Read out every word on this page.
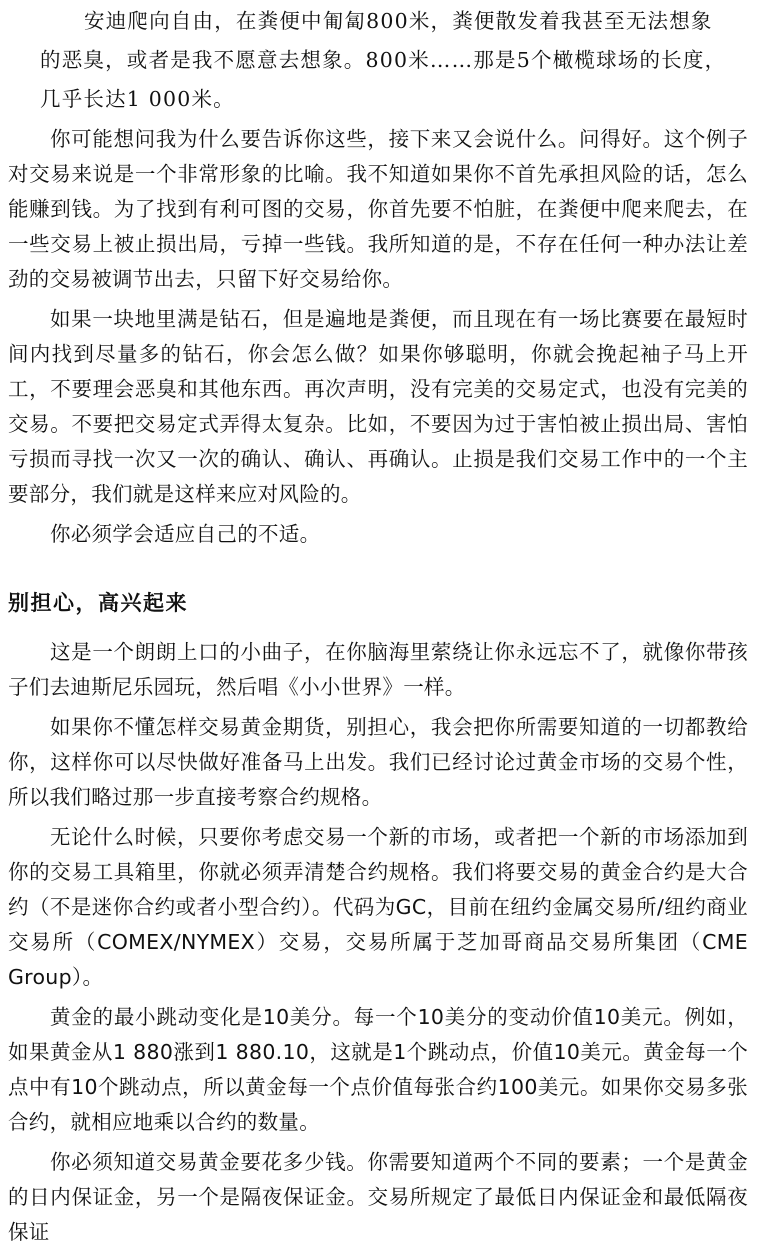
安迪爬向自由，在粪便中匍匐800米，粪便散发着我甚至无法想象
的恶臭，或者是我不愿意去想象。800米……那是5个橄榄球场的长度，
几乎长达1 000米。

你可能想问我为什么要告诉你这些，接下来又会说什么。问得好。这个例子对交易来说是一个非常形象的比喻。我不知道如果你不首先承担风险的话，怎么能赚到钱。为了找到有利可图的交易，你首先要不怕脏，在粪便中爬来爬去，在一些交易上被止损出局，亏掉一些钱。我所知道的是，不存在任何一种办法让差劲的交易被调节出去，只留下好交易给你。

如果一块地里满是钻石，但是遍地是粪便，而且现在有一场比赛要在最短时间内找到尽量多的钻石，你会怎么做？如果你够聪明，你就会挽起袖子马上开工，不要理会恶臭和其他东西。再次声明，没有完美的交易定式，也没有完美的交易。不要把交易定式弄得太复杂。比如，不要因为过于害怕被止损出局、害怕亏损而寻找一次又一次的确认、确认、再确认。止损是我们交易工作中的一个主要部分，我们就是这样来应对风险的。

你必须学会适应自己的不适。

别担心，高兴起来

这是一个朗朗上口的小曲子，在你脑海里萦绕让你永远忘不了，就像你带孩子们去迪斯尼乐园玩，然后唱《小小世界》一样。

如果你不懂怎样交易黄金期货，别担心，我会把你所需要知道的一切都教给你，这样你可以尽快做好准备马上出发。我们已经讨论过黄金市场的交易个性，所以我们略过那一步直接考察合约规格。

无论什么时候，只要你考虑交易一个新的市场，或者把一个新的市场添加到你的交易工具箱里，你就必须弄清楚合约规格。我们将要交易的黄金合约是大合约（不是迷你合约或者小型合约）。代码为GC，目前在纽约金属交易所/纽约商业交易所（COMEX/NYMEX）交易，交易所属于芝加哥商品交易所集团（CME Group）。

黄金的最小跳动变化是10美分。每一个10美分的变动价值10美元。例如，如果黄金从1 880涨到1 880.10，这就是1个跳动点，价值10美元。黄金每一个点中有10个跳动点，所以黄金每一个点价值每张合约100美元。如果你交易多张合约，就相应地乘以合约的数量。

你必须知道交易黄金要花多少钱。你需要知道两个不同的要素；一个是黄金的日内保证金，另一个是隔夜保证金。交易所规定了最低日内保证金和最低隔夜保证
